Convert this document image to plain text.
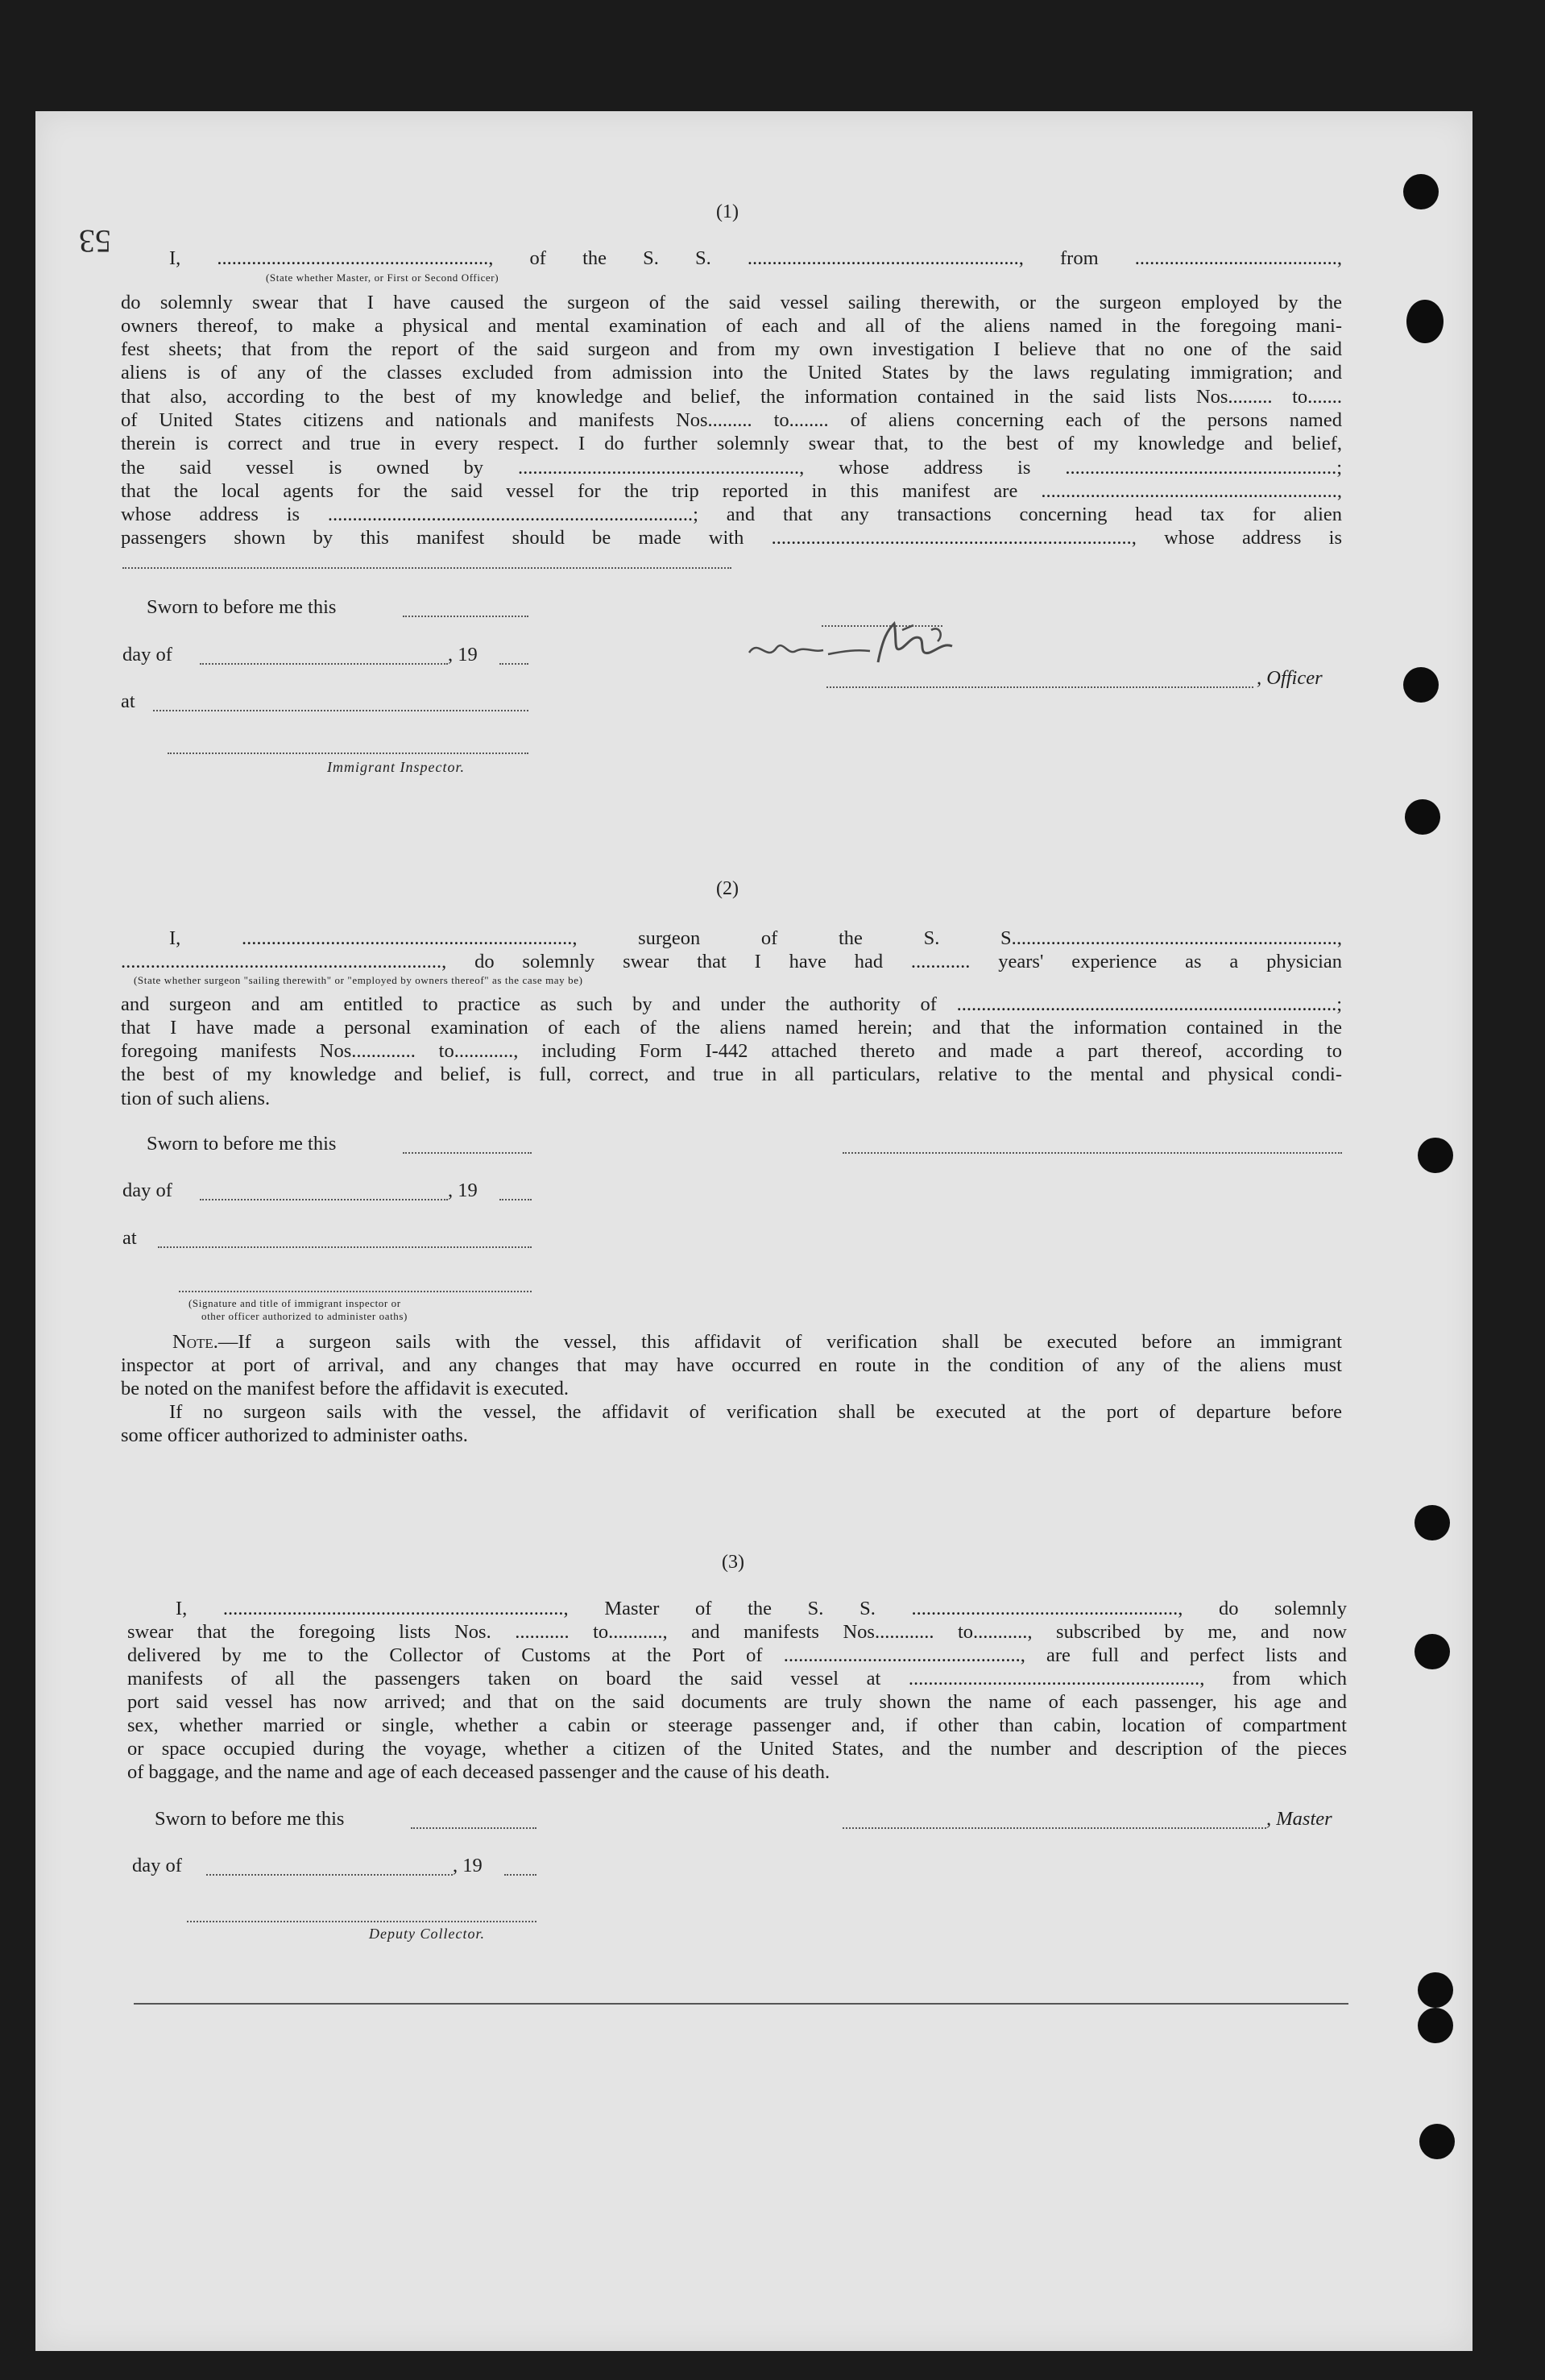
53
(1)
I, ......................................................., of the S. S. ......................................................., from .........................................,
(State whether Master, or First or Second Officer)
do solemnly swear that I have caused the surgeon of the said vessel sailing therewith, or the surgeon employed by the
owners thereof, to make a physical and mental examination of each and all of the aliens named in the foregoing mani-
fest sheets; that from the report of the said surgeon and from my own investigation I believe that no one of the said
aliens is of any of the classes excluded from admission into the United States by the laws regulating immigration; and
that also, according to the best of my knowledge and belief, the information contained in the said lists Nos......... to.......
of United States citizens and nationals and manifests Nos......... to........ of aliens concerning each of the persons named
therein is correct and true in every respect. I do further solemnly swear that, to the best of my knowledge and belief,
the said vessel is owned by ........................................................., whose address is .......................................................;
that the local agents for the said vessel for the trip reported in this manifest are ............................................................,
whose address is ..........................................................................; and that any transactions concerning head tax for alien
passengers shown by this manifest should be made with ........................................................................., whose address is
Sworn to before me this
day of	, 19
at
Immigrant Inspector.
, Officer
(2)
I, ..................................................................., surgeon of the S. S..................................................................,
................................................................., do solemnly swear that I have had ............ years' experience as a physician
(State whether surgeon "sailing therewith" or "employed by owners thereof" as the case may be)
and surgeon and am entitled to practice as such by and under the authority of .............................................................................;
that I have made a personal examination of each of the aliens named herein; and that the information contained in the
foregoing manifests Nos............. to............, including Form I-442 attached thereto and made a part thereof, according to
the best of my knowledge and belief, is full, correct, and true in all particulars, relative to the mental and physical condi-
tion of such aliens.
Sworn to before me this
day of	, 19
at
(Signature and title of immigrant inspector or
other officer authorized to administer oaths)
Note.—If a surgeon sails with the vessel, this affidavit of verification shall be executed before an immigrant
inspector at port of arrival, and any changes that may have occurred en route in the condition of any of the aliens must
be noted on the manifest before the affidavit is executed.
If no surgeon sails with the vessel, the affidavit of verification shall be executed at the port of departure before
some officer authorized to administer oaths.
(3)
I, ....................................................................., Master of the S. S. ......................................................, do solemnly
swear that the foregoing lists Nos. ........... to..........., and manifests Nos............ to..........., subscribed by me, and now
delivered by me to the Collector of Customs at the Port of ................................................, are full and perfect lists and
manifests of all the passengers taken on board the said vessel at ..........................................................., from which
port said vessel has now arrived; and that on the said documents are truly shown the name of each passenger, his age and
sex, whether married or single, whether a cabin or steerage passenger and, if other than cabin, location of compartment
or space occupied during the voyage, whether a citizen of the United States, and the number and description of the pieces
of baggage, and the name and age of each deceased passenger and the cause of his death.
Sworn to before me this	, Master
day of	, 19
Deputy Collector.
